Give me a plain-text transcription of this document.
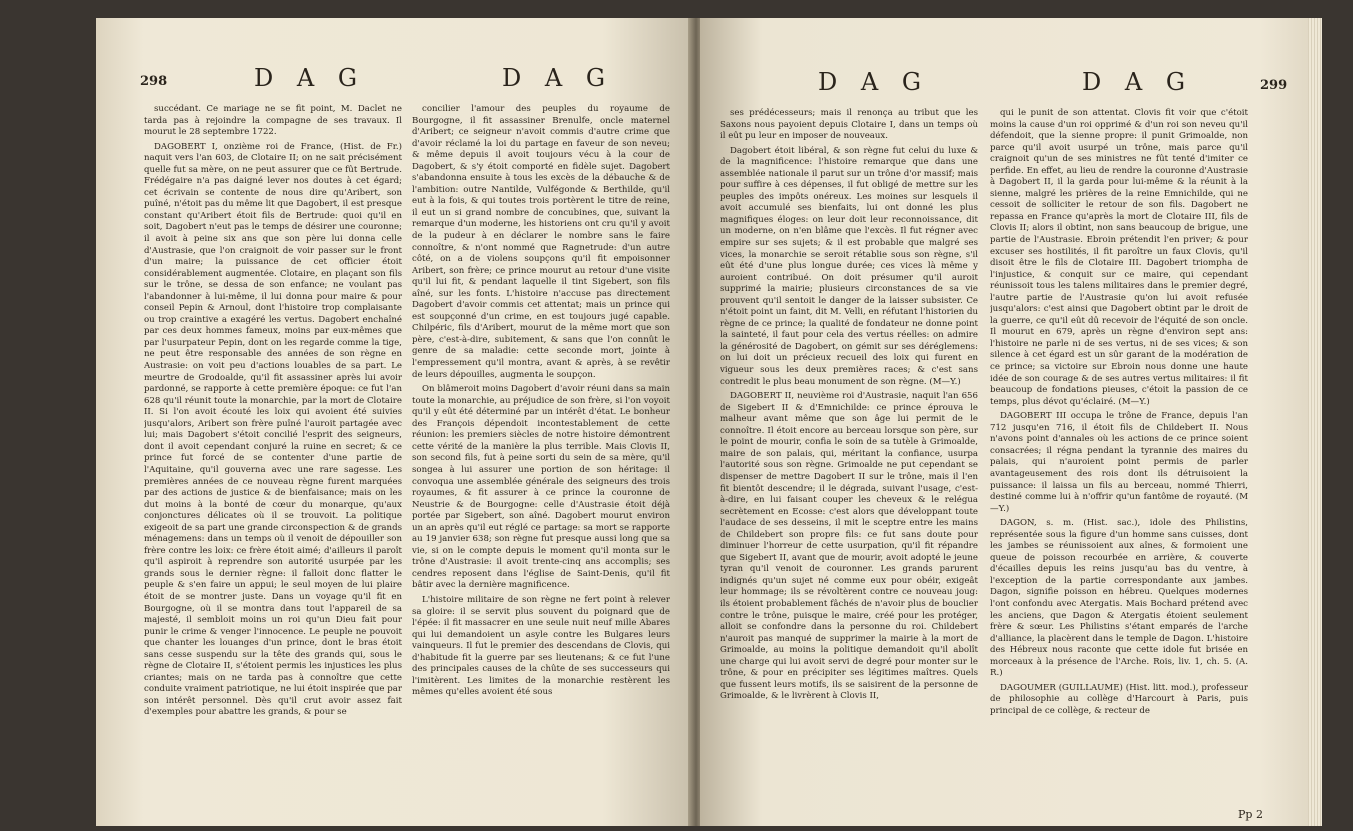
298	D A G	D A G

succédant. Ce mariage ne se fit point, M. Daclet ne tarda pas à rejoindre la compagne de ses travaux. Il mourut le 28 septembre 1722.

DAGOBERT I, onzième roi de France, (Hist. de Fr.) naquit vers l'an 603, de Clotaire II; on ne sait précisément quelle fut sa mère, on ne peut assurer que ce fût Bertrude. Frédégaire n'a pas daigné lever nos doutes à cet égard; cet écrivain se contente de nous dire qu'Aribert, son puîné, n'étoit pas du même lit que Dagobert, il est presque constant qu'Aribert étoit fils de Bertrude: quoi qu'il en soit, Dagobert n'eut pas le temps de désirer une couronne; il avoit à peine six ans que son père lui donna celle d'Austrasie, que l'on craignoit de voir passer sur le front d'un maire; la puissance de cet officier étoit considérablement augmentée. Clotaire, en plaçant son fils sur le trône, se dessa de son enfance; ne voulant pas l'abandonner à lui-même, il lui donna pour maire & pour conseil Pepin & Arnoul, dont l'histoire trop complaisante ou trop craintive a exagéré les vertus. Dagobert enchaîné par ces deux hommes fameux, moins par eux-mêmes que par l'usurpateur Pepin, dont on les regarde comme la tige, ne peut être responsable des années de son règne en Austrasie: on voit peu d'actions louables de sa part. Le meurtre de Grodoalde, qu'il fit assassiner après lui avoir pardonné, se rapporte à cette première époque: ce fut l'an 628 qu'il réunit toute la monarchie, par la mort de Clotaire II. Si l'on avoit écouté les loix qui avoient été suivies jusqu'alors, Aribert son frère puîné l'auroit partagée avec lui; mais Dagobert s'étoit concilié l'esprit des seigneurs, dont il avoit cependant conjuré la ruine en secret; & ce prince fut forcé de se contenter d'une partie de l'Aquitaine, qu'il gouverna avec une rare sagesse. Les premières années de ce nouveau règne furent marquées par des actions de justice & de bienfaisance; mais on les dut moins à la bonté de cœur du monarque, qu'aux conjonctures délicates où il se trouvoit. La politique exigeoit de sa part une grande circonspection & de grands ménagemens: dans un temps où il venoit de dépouiller son frère contre les loix: ce frère étoit aimé; d'ailleurs il paroît qu'il aspiroit à reprendre son autorité usurpée par les grands sous le dernier règne: il falloit donc flatter le peuple & s'en faire un appui; le seul moyen de lui plaire étoit de se montrer juste. Dans un voyage qu'il fit en Bourgogne, où il se montra dans tout l'appareil de sa majesté, il sembloit moins un roi qu'un Dieu fait pour punir le crime & venger l'innocence. Le peuple ne pouvoit que chanter les louanges d'un prince, dont le bras étoit sans cesse suspendu sur la tête des grands qui, sous le règne de Clotaire II, s'étoient permis les injustices les plus criantes; mais on ne tarda pas à connoître que cette conduite vraiment patriotique, ne lui étoit inspirée que par son intérêt personnel. Dès qu'il crut avoir assez fait d'exemples pour abattre les grands, & pour se

concilier l'amour des peuples du royaume de Bourgogne, il fit assassiner Brenulfe, oncle maternel d'Aribert; ce seigneur n'avoit commis d'autre crime que d'avoir réclamé la loi du partage en faveur de son neveu; & même depuis il avoit toujours vécu à la cour de Dagobert, & s'y étoit comporté en fidèle sujet. Dagobert s'abandonna ensuite à tous les excès de la débauche & de l'ambition: outre Nantilde, Vulfégonde & Berthilde, qu'il eut à la fois, & qui toutes trois portèrent le titre de reine, il eut un si grand nombre de concubines, que, suivant la remarque d'un moderne, les historiens ont cru qu'il y avoit de la pudeur à en déclarer le nombre sans le faire connoître, & n'ont nommé que Ragnetrude: d'un autre côté, on a de violens soupçons qu'il fit empoisonner Aribert, son frère; ce prince mourut au retour d'une visite qu'il lui fit, & pendant laquelle il tint Sigebert, son fils aîné, sur les fonts. L'histoire n'accuse pas directement Dagobert d'avoir commis cet attentat; mais un prince qui est soupçonné d'un crime, en est toujours jugé capable. Chilpéric, fils d'Aribert, mourut de la même mort que son père, c'est-à-dire, subitement, & sans que l'on connût le genre de sa maladie: cette seconde mort, jointe à l'empressement qu'il montra, avant & après, à se revêtir de leurs dépouilles, augmenta le soupçon.

On blâmeroit moins Dagobert d'avoir réuni dans sa main toute la monarchie, au préjudice de son frère, si l'on voyoit qu'il y eût été déterminé par un intérêt d'état. Le bonheur des François dépendoit incontestablement de cette réunion: les premiers siècles de notre histoire démontrent cette vérité de la manière la plus terrible. Mais Clovis II, son second fils, fut à peine sorti du sein de sa mère, qu'il songea à lui assurer une portion de son héritage: il convoqua une assemblée générale des seigneurs des trois royaumes, & fit assurer à ce prince la couronne de Neustrie & de Bourgogne: celle d'Austrasie étoit déjà portée par Sigebert, son aîné. Dagobert mourut environ un an après qu'il eut réglé ce partage: sa mort se rapporte au 19 janvier 638; son règne fut presque aussi long que sa vie, si on le compte depuis le moment qu'il monta sur le trône d'Austrasie: il avoit trente-cinq ans accomplis; ses cendres reposent dans l'église de Saint-Denis, qu'il fit bâtir avec la dernière magnificence.

L'histoire militaire de son règne ne fert point à relever sa gloire: il se servit plus souvent du poignard que de l'épée: il fit massacrer en une seule nuit neuf mille Abares qui lui demandoient un asyle contre les Bulgares leurs vainqueurs. Il fut le premier des descendans de Clovis, qui d'habitude fit la guerre par ses lieutenans; & ce fut l'une des principales causes de la chûte de ses successeurs qui l'imitèrent. Les limites de la monarchie restèrent les mêmes qu'elles avoient été sous

D A G	D A G	299

ses prédécesseurs; mais il renonça au tribut que les Saxons nous payoient depuis Clotaire I, dans un temps où il eût pu leur en imposer de nouveaux.

Dagobert étoit libéral, & son règne fut celui du luxe & de la magnificence: l'histoire remarque que dans une assemblée nationale il parut sur un trône d'or massif; mais pour suffire à ces dépenses, il fut obligé de mettre sur les peuples des impôts onéreux. Les moines sur lesquels il avoit accumulé ses bienfaits, lui ont donné les plus magnifiques éloges: on leur doit leur reconnoissance, dit un moderne, on n'en blâme que l'excès. Il fut régner avec empire sur ses sujets; & il est probable que malgré ses vices, la monarchie se seroit rétablie sous son règne, s'il eût été d'une plus longue durée; ces vices là même y auroient contribué. On doit présumer qu'il auroit supprimé la mairie; plusieurs circonstances de sa vie prouvent qu'il sentoit le danger de la laisser subsister. Ce n'étoit point un faint, dit M. Velli, en réfutant l'historien du règne de ce prince; la qualité de fondateur ne donne point la sainteté, il faut pour cela des vertus réelles: on admire la générosité de Dagobert, on gémit sur ses déréglemens: on lui doit un précieux recueil des loix qui furent en vigueur sous les deux premières races; & c'est sans contredit le plus beau monument de son règne. (M—Y.)

DAGOBERT II, neuvième roi d'Austrasie, naquit l'an 656 de Sigebert II & d'Emnichilde: ce prince éprouva le malheur avant même que son âge lui permit de le connoître. Il étoit encore au berceau lorsque son père, sur le point de mourir, confia le soin de sa tutèle à Grimoalde, maire de son palais, qui, méritant la confiance, usurpa l'autorité sous son règne. Grimoalde ne put cependant se dispenser de mettre Dagobert II sur le trône, mais il l'en fit bientôt descendre; il le dégrada, suivant l'usage, c'est-à-dire, en lui faisant couper les cheveux & le relégua secrètement en Ecosse: c'est alors que développant toute l'audace de ses desseins, il mit le sceptre entre les mains de Childebert son propre fils: ce fut sans doute pour diminuer l'horreur de cette usurpation, qu'il fit répandre que Sigebert II, avant que de mourir, avoit adopté le jeune tyran qu'il venoit de couronner. Les grands parurent indignés qu'un sujet né comme eux pour obéir, exigeât leur hommage; ils se révoltèrent contre ce nouveau joug: ils étoient probablement fâchés de n'avoir plus de bouclier contre le trône, puisque le maire, créé pour les protéger, alloit se confondre dans la personne du roi. Childebert n'auroit pas manqué de supprimer la mairie à la mort de Grimoalde, au moins la politique demandoit qu'il abolît une charge qui lui avoit servi de degré pour monter sur le trône, & pour en précipiter ses légitimes maîtres. Quels que fussent leurs motifs, ils se saisirent de la personne de Grimoalde, & le livrèrent à Clovis II,

qui le punit de son attentat. Clovis fit voir que c'étoit moins la cause d'un roi opprimé & d'un roi son neveu qu'il défendoit, que la sienne propre: il punit Grimoalde, non parce qu'il avoit usurpé un trône, mais parce qu'il craignoit qu'un de ses ministres ne fût tenté d'imiter ce perfide. En effet, au lieu de rendre la couronne d'Austrasie à Dagobert II, il la garda pour lui-même & la réunit à la sienne, malgré les prières de la reine Emnichilde, qui ne cessoit de solliciter le retour de son fils. Dagobert ne repassa en France qu'après la mort de Clotaire III, fils de Clovis II; alors il obtint, non sans beaucoup de brigue, une partie de l'Austrasie. Ebroin prétendit l'en priver; & pour excuser ses hostilités, il fit paroître un faux Clovis, qu'il disoit être le fils de Clotaire III. Dagobert triompha de l'injustice, & conquit sur ce maire, qui cependant réunissoit tous les talens militaires dans le premier degré, l'autre partie de l'Austrasie qu'on lui avoit refusée jusqu'alors: c'est ainsi que Dagobert obtint par le droit de la guerre, ce qu'il eût dû recevoir de l'équité de son oncle. Il mourut en 679, après un règne d'environ sept ans: l'histoire ne parle ni de ses vertus, ni de ses vices; & son silence à cet égard est un sûr garant de la modération de ce prince; sa victoire sur Ebroin nous donne une haute idée de son courage & de ses autres vertus militaires: il fit beaucoup de fondations pieuses, c'étoit la passion de ce temps, plus dévot qu'éclairé. (M—Y.)

DAGOBERT III occupa le trône de France, depuis l'an 712 jusqu'en 716, il étoit fils de Childebert II. Nous n'avons point d'annales où les actions de ce prince soient consacrées; il régna pendant la tyrannie des maires du palais, qui n'auroient point permis de parler avantageusement des rois dont ils détruisoient la puissance: il laissa un fils au berceau, nommé Thierri, destiné comme lui à n'offrir qu'un fantôme de royauté. (M—Y.)

DAGON, s. m. (Hist. sac.), idole des Philistins, représentée sous la figure d'un homme sans cuisses, dont les jambes se réunissoient aux aînes, & formoient une queue de poisson recourbée en arrière, & couverte d'écailles depuis les reins jusqu'au bas du ventre, à l'exception de la partie correspondante aux jambes. Dagon, signifie poisson en hébreu. Quelques modernes l'ont confondu avec Atergatis. Mais Bochard prétend avec les anciens, que Dagon & Atergatis étoient seulement frère & sœur. Les Philistins s'étant emparés de l'arche d'alliance, la placèrent dans le temple de Dagon. L'histoire des Hébreux nous raconte que cette idole fut brisée en morceaux à la présence de l'Arche. Rois, liv. 1, ch. 5. (A. R.)

DAGOUMER (GUILLAUME) (Hist. litt. mod.), professeur de philosophie au collège d'Harcourt à Paris, puis principal de ce collège, & recteur de

Pp 2
